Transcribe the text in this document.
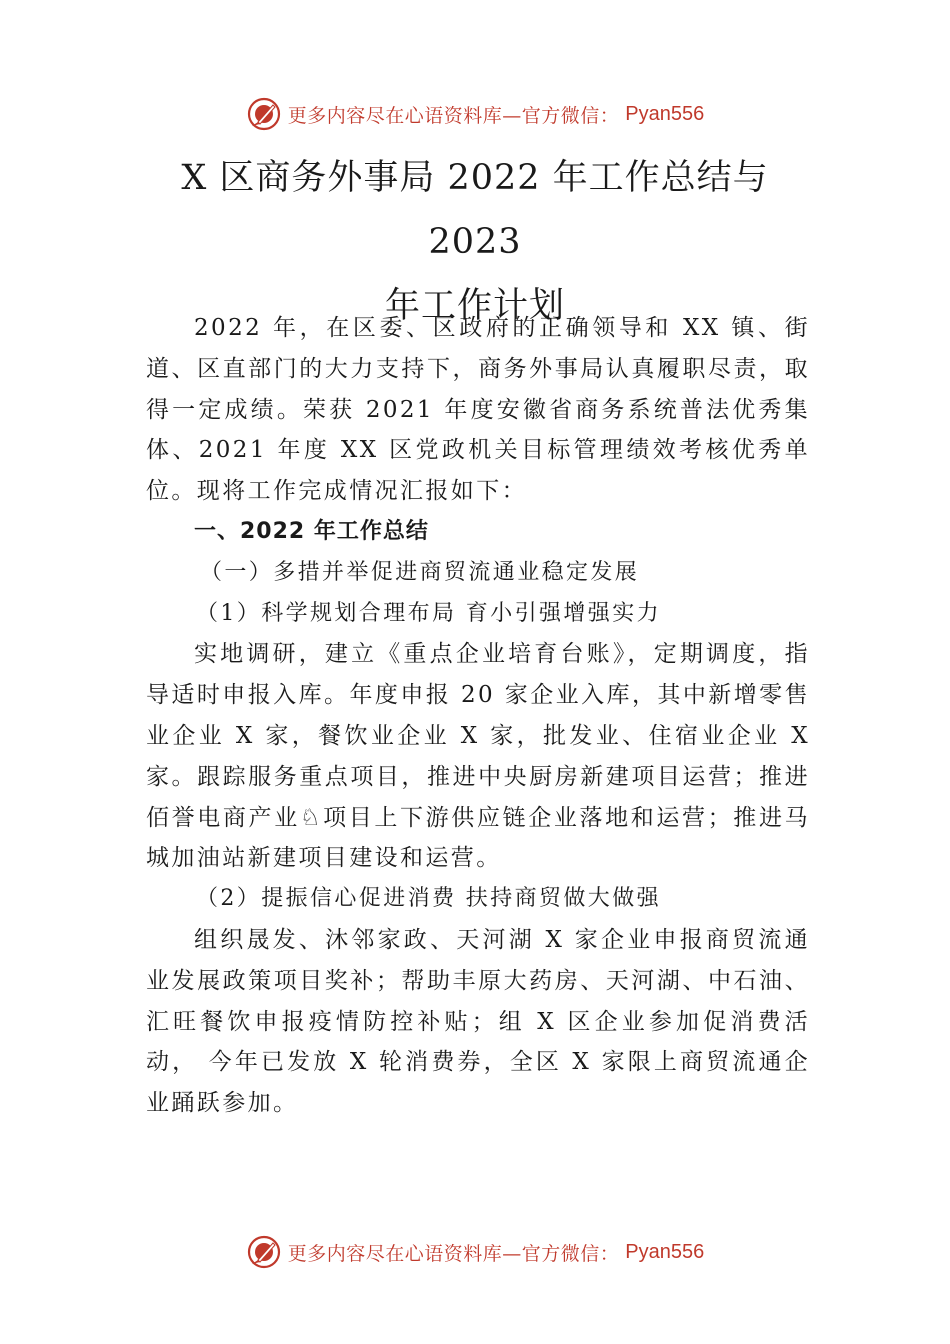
更多内容尽在心语资料库—官方微信： Pyan556
X 区商务外事局 2022 年工作总结与 2023
年工作计划

2022 年，在区委、区政府的正确领导和 XX 镇、街道、区直部门的大力支持下，商务外事局认真履职尽责，取得一定成绩。荣获 2021 年度安徽省商务系统普法优秀集体、2021 年度 XX 区党政机关目标管理绩效考核优秀单位。现将工作完成情况汇报如下：

一、2022 年工作总结

（一）多措并举促进商贸流通业稳定发展

（1）科学规划合理布局 育小引强增强实力

实地调研，建立《重点企业培育台账》，定期调度，指导适时申报入库。年度申报 20 家企业入库，其中新增零售业企业 X 家，餐饮业企业 X 家，批发业、住宿业企业 X 家。跟踪服务重点项目，推进中央厨房新建项目运营；推进佰誉电商产业♘项目上下游供应链企业落地和运营；推进马城加油站新建项目建设和运营。

（2）提振信心促进消费 扶持商贸做大做强

组织晟发、沐邻家政、天河湖 X 家企业申报商贸流通业发展政策项目奖补；帮助丰原大药房、天河湖、中石油、汇旺餐饮申报疫情防控补贴；组 X 区企业参加促消费活动， 今年已发放 X 轮消费券，全区 X 家限上商贸流通企业踊跃参加。

更多内容尽在心语资料库—官方微信： Pyan556
